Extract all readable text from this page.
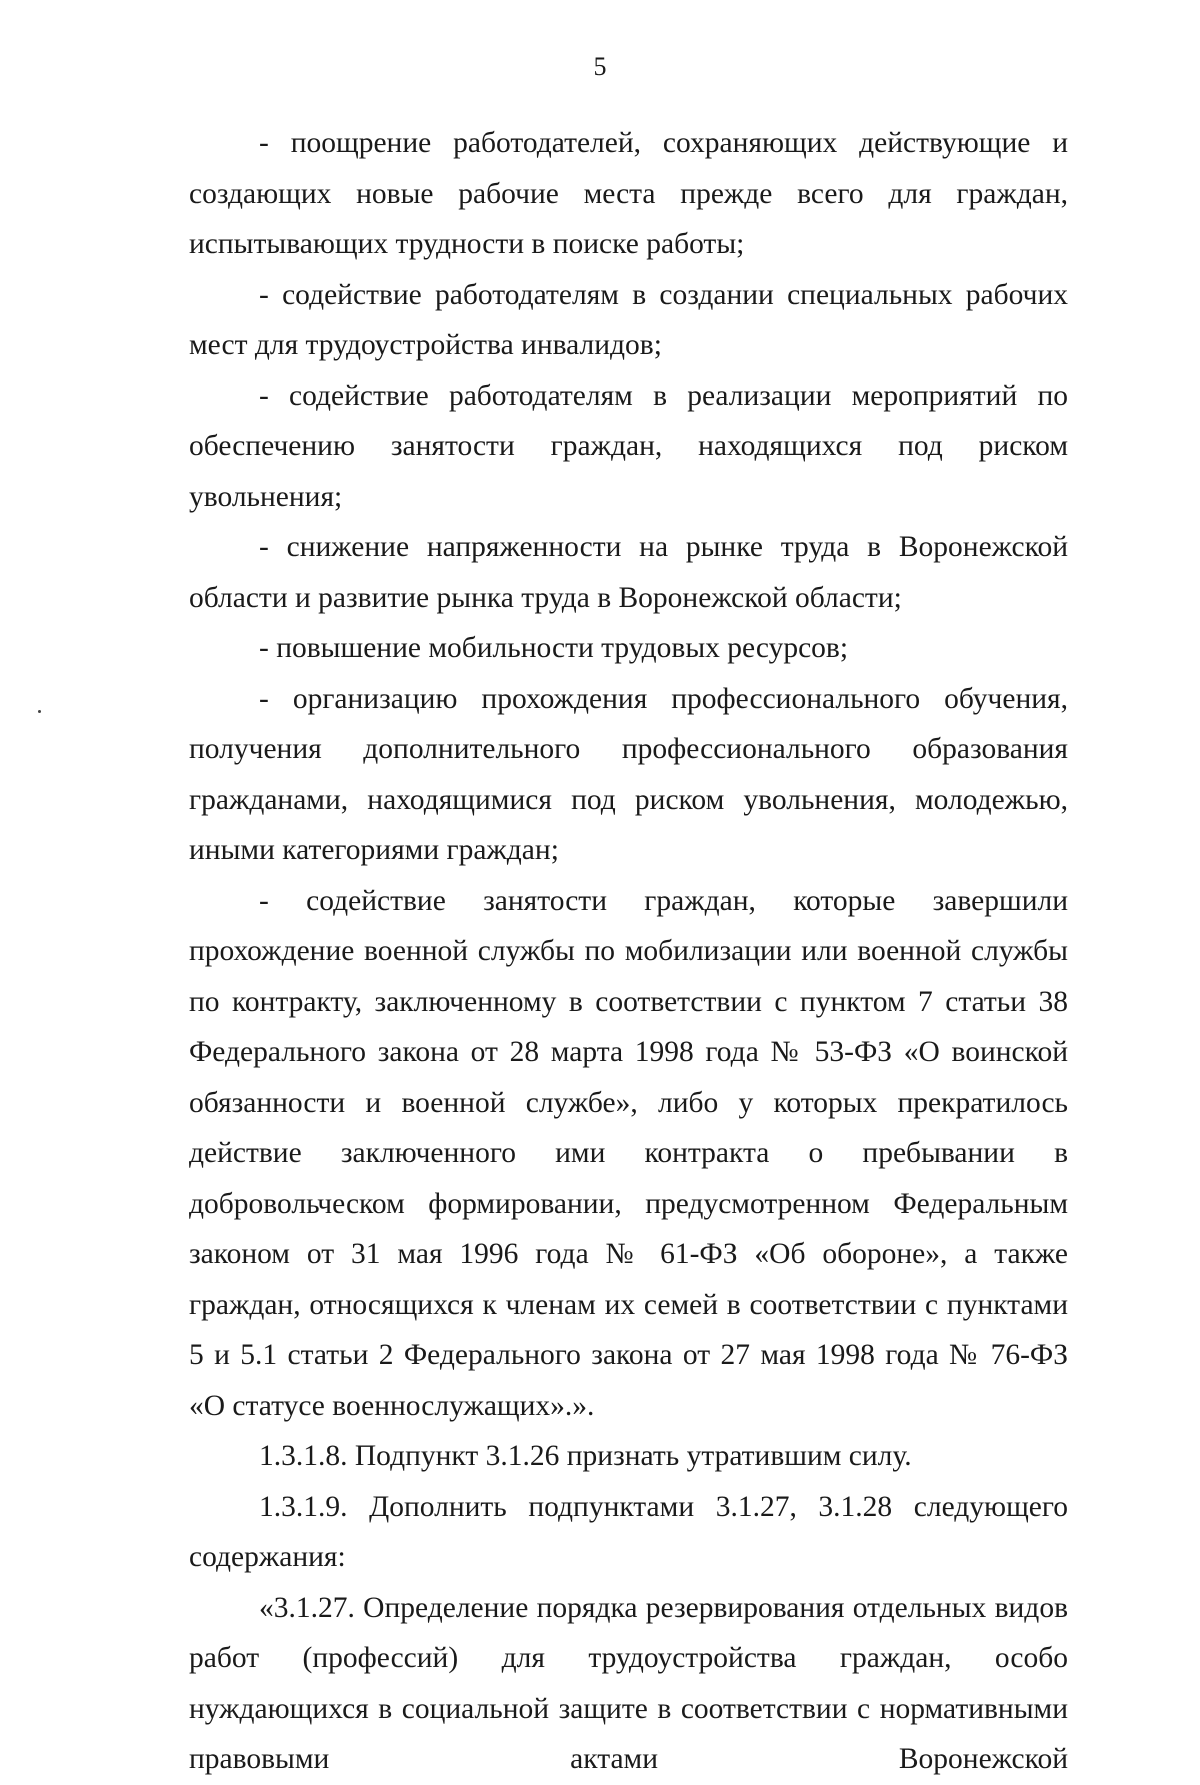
5

- поощрение работодателей, сохраняющих действующие и создающих новые рабочие места прежде всего для граждан, испытывающих трудности в поиске работы;

- содействие работодателям в создании специальных рабочих мест для трудоустройства инвалидов;

- содействие работодателям в реализации мероприятий по обеспечению занятости граждан, находящихся под риском увольнения;

- снижение напряженности на рынке труда в Воронежской области и развитие рынка труда в Воронежской области;

- повышение мобильности трудовых ресурсов;

- организацию прохождения профессионального обучения, получения дополнительного профессионального образования гражданами, находящимися под риском увольнения, молодежью, иными категориями граждан;

- содействие занятости граждан, которые завершили прохождение военной службы по мобилизации или военной службы по контракту, заключенному в соответствии с пунктом 7 статьи 38 Федерального закона от 28 марта 1998 года № 53-ФЗ «О воинской обязанности и военной службе», либо у которых прекратилось действие заключенного ими контракта о пребывании в добровольческом формировании, предусмотренном Федеральным законом от 31 мая 1996 года № 61-ФЗ «Об обороне», а также граждан, относящихся к членам их семей в соответствии с пунктами 5 и 5.1 статьи 2 Федерального закона от 27 мая 1998 года № 76-ФЗ «О статусе военнослужащих».».

1.3.1.8. Подпункт 3.1.26 признать утратившим силу.

1.3.1.9. Дополнить подпунктами 3.1.27, 3.1.28 следующего содержания:

«3.1.27. Определение порядка резервирования отдельных видов работ (профессий) для трудоустройства граждан, особо нуждающихся в социальной защите в соответствии с нормативными правовыми актами Воронежской
